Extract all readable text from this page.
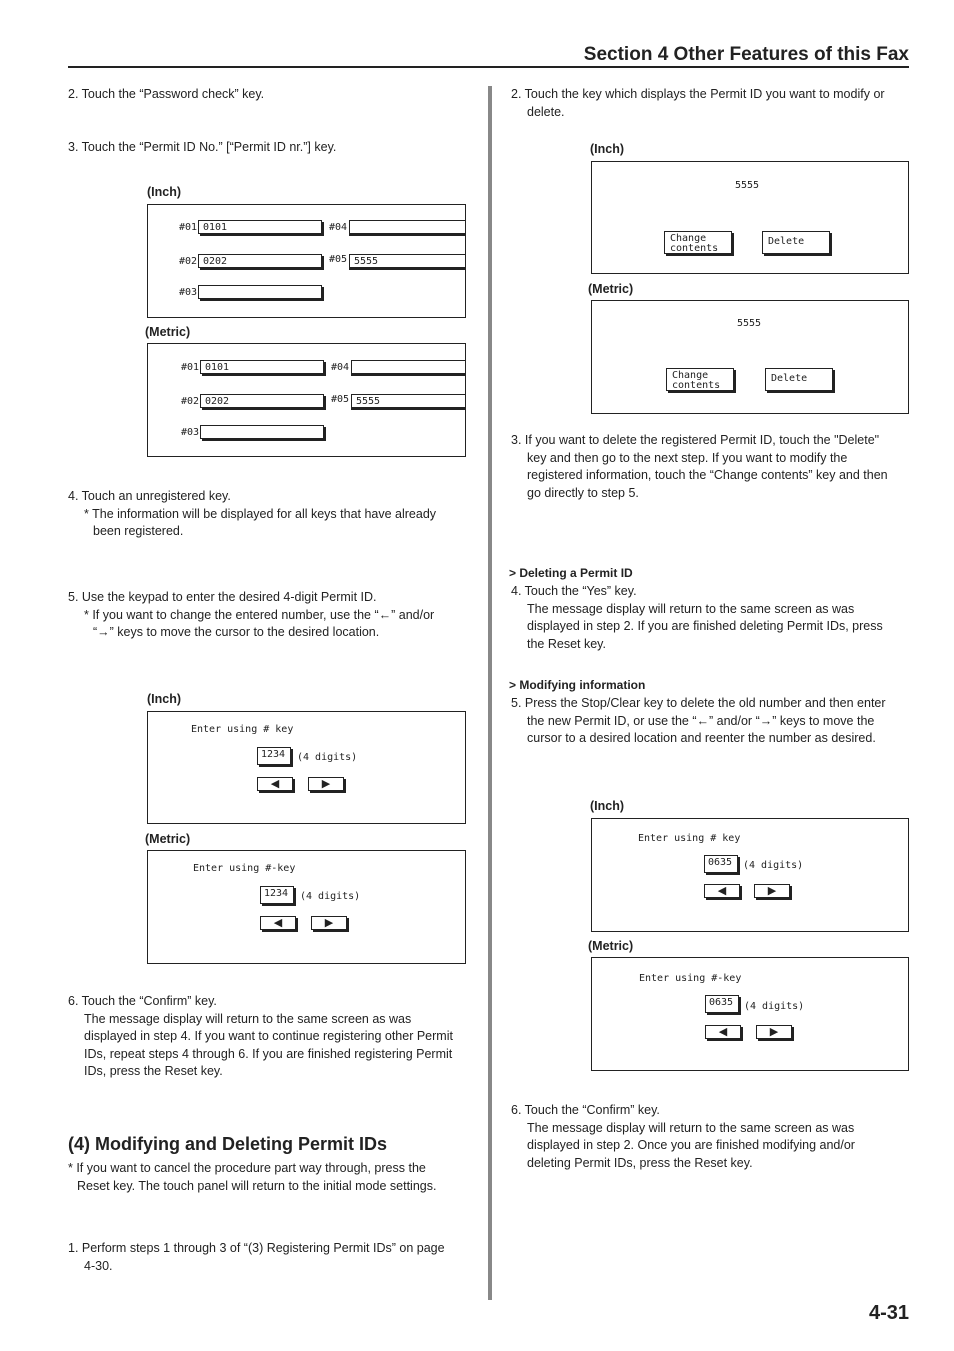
Section 4 Other Features of this Fax
2. Touch the “Password check” key.
3. Touch the “Permit ID No.” [“Permit ID nr.”] key.
(Inch)
#01 0101	#04
#02 0202	#05 5555
#03
(Metric)
#01 0101	#04
#02 0202	#05 5555
#03

4. Touch an unregistered key.

* The information will be displayed for all keys that have already

been registered.

5. Use the keypad to enter the desired 4-digit Permit ID.

* If you want to change the entered number, use the “←” and/or

“→” keys to move the cursor to the desired location.

(Inch)
Enter using # key
1234	(4 digits)
◀	▶
(Metric)
Enter using #-key
1234	(4 digits)
◀	▶

6. Touch the “Confirm” key.

The message display will return to the same screen as was

displayed in step 4. If you want to continue registering other Permit

IDs, repeat steps 4 through 6. If you are finished registering Permit

IDs, press the Reset key.

(4) Modifying and Deleting Permit IDs

* If you want to cancel the procedure part way through, press the

Reset key. The touch panel will return to the initial mode settings.

1. Perform steps 1 through 3 of “(3) Registering Permit IDs” on page

4-30.

2. Touch the key which displays the Permit ID you want to modify or

delete.

(Inch)
5555
Change
contents
Delete
(Metric)
5555
Change
contents
Delete

3. If you want to delete the registered Permit ID, touch the "Delete"

key and then go to the next step. If you want to modify the

registered information, touch the “Change contents” key and then

go directly to step 5.

> Deleting a Permit ID

4. Touch the “Yes” key.

The message display will return to the same screen as was

displayed in step 2. If you are finished deleting Permit IDs, press

the Reset key.

> Modifying information

5. Press the Stop/Clear key to delete the old number and then enter

the new Permit ID, or use the “←” and/or “→” keys to move the

cursor to a desired location and reenter the number as desired.

(Inch)
Enter using # key
0635	(4 digits)
◀	▶
(Metric)
Enter using #-key
0635	(4 digits)
◀	▶

6. Touch the “Confirm” key.

The message display will return to the same screen as was

displayed in step 2. Once you are finished modifying and/or

deleting Permit IDs, press the Reset key.

4-31
